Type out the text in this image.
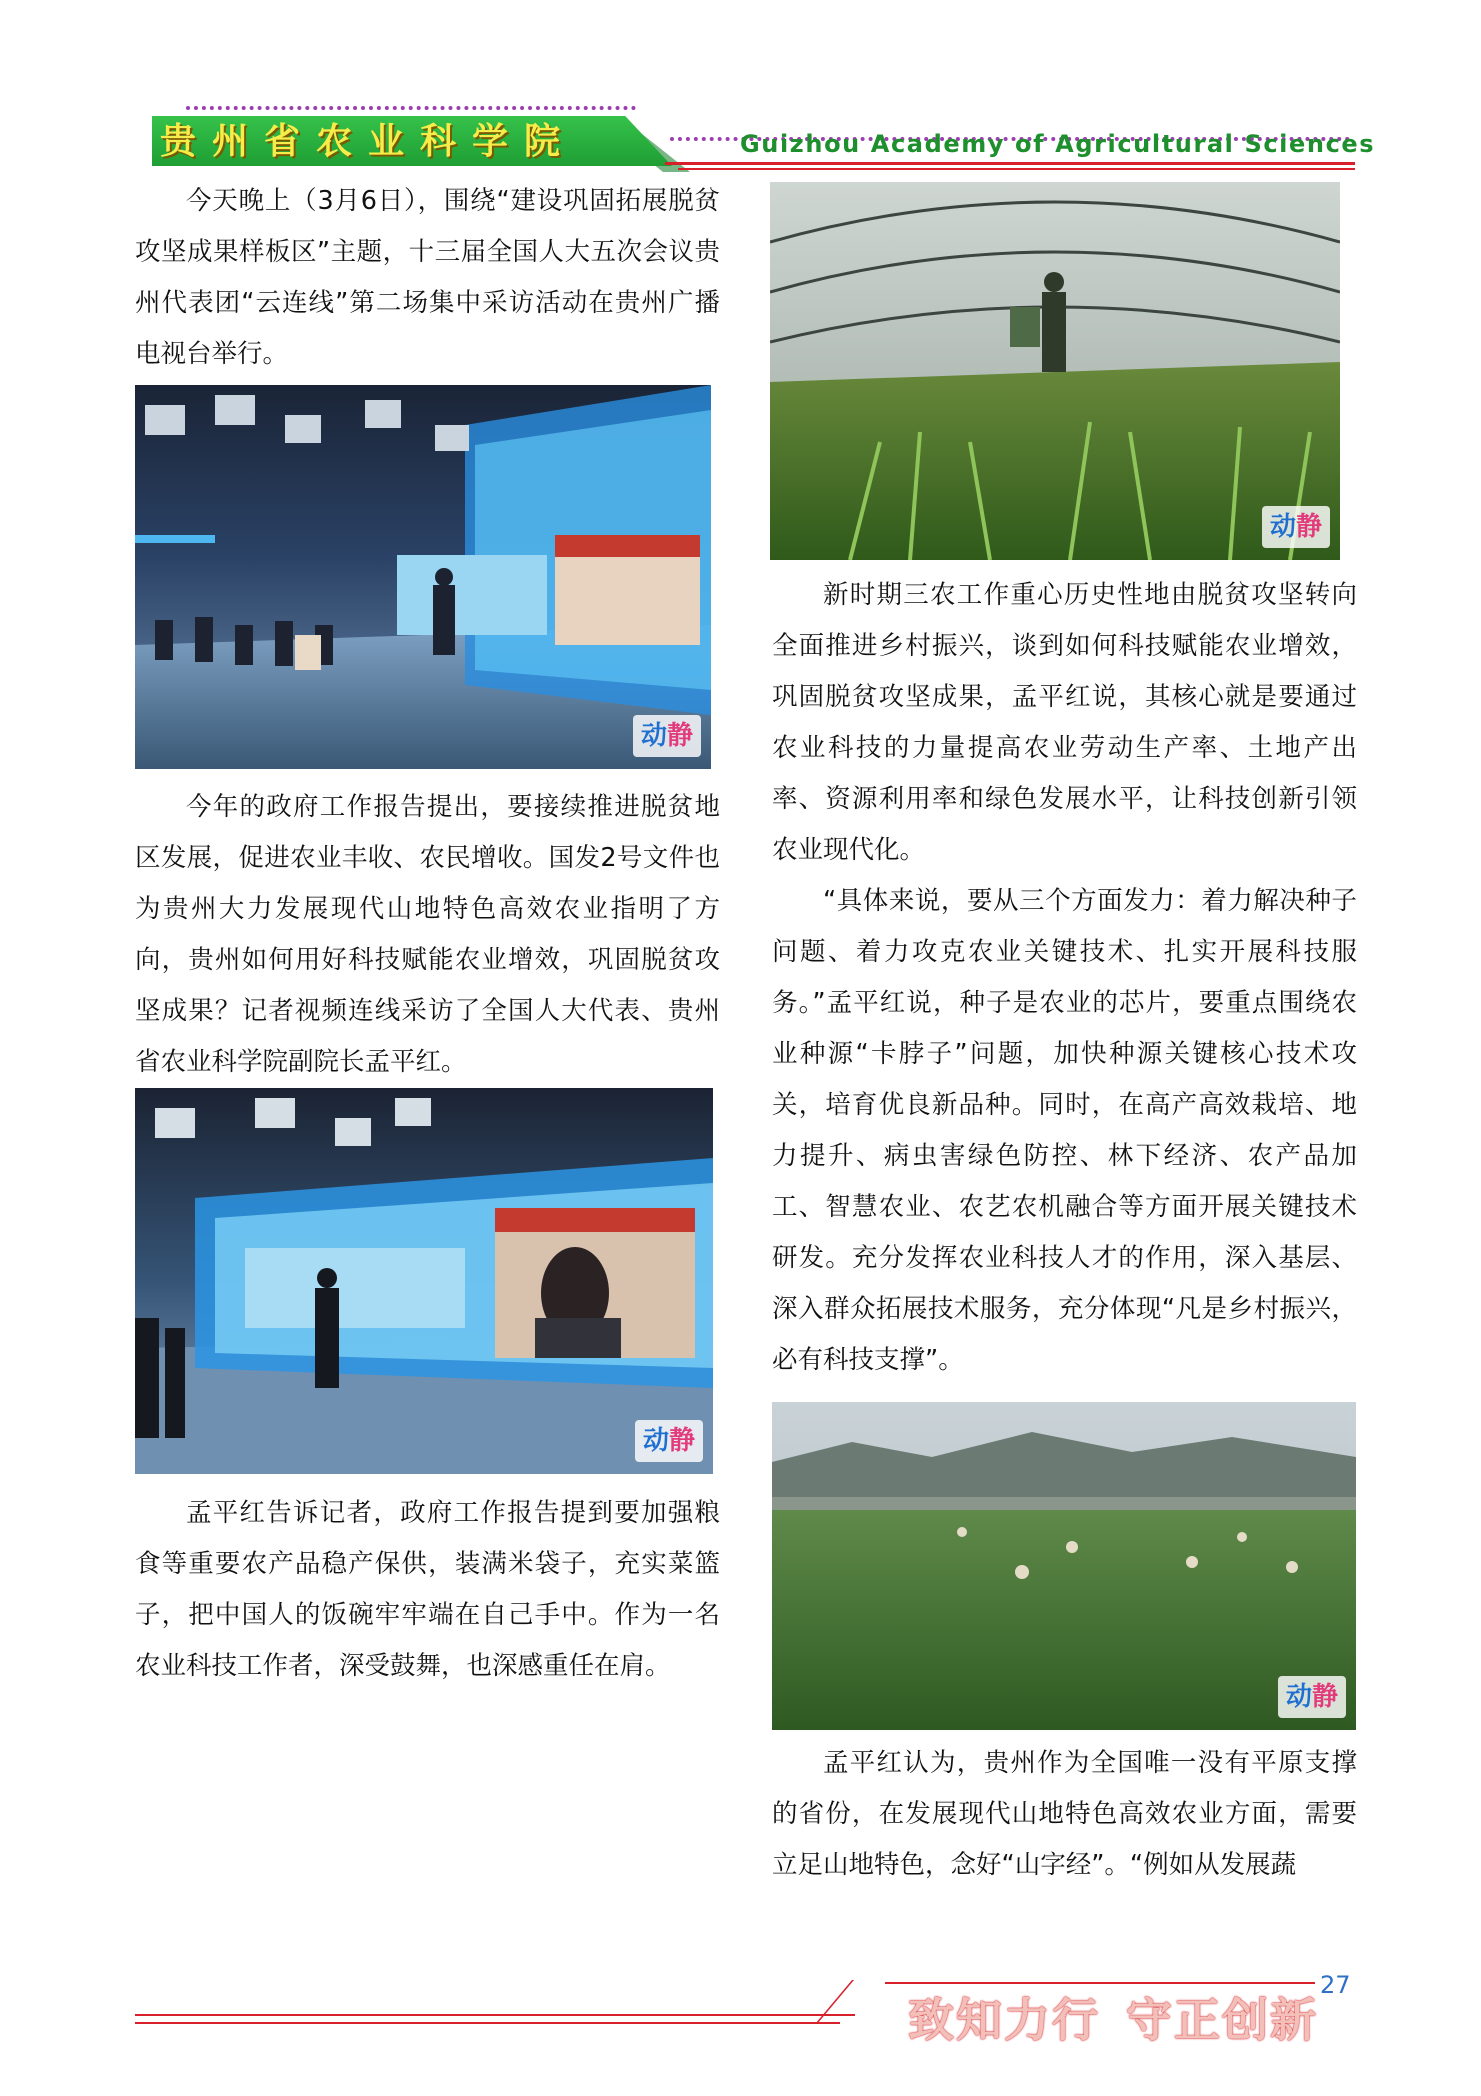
贵州省农业科学院	Guizhou Academy of Agricultural Sciences

今天晚上（3月6日），围绕“建设巩固拓展脱贫攻坚成果样板区”主题，十三届全国人大五次会议贵州代表团“云连线”第二场集中采访活动在贵州广播电视台举行。

动静

今年的政府工作报告提出，要接续推进脱贫地区发展，促进农业丰收、农民增收。国发2号文件也为贵州大力发展现代山地特色高效农业指明了方向，贵州如何用好科技赋能农业增效，巩固脱贫攻坚成果？记者视频连线采访了全国人大代表、贵州省农业科学院副院长孟平红。

动静

孟平红告诉记者，政府工作报告提到要加强粮食等重要农产品稳产保供，装满米袋子，充实菜篮子，把中国人的饭碗牢牢端在自己手中。作为一名农业科技工作者，深受鼓舞，也深感重任在肩。

动静

新时期三农工作重心历史性地由脱贫攻坚转向全面推进乡村振兴，谈到如何科技赋能农业增效，巩固脱贫攻坚成果，孟平红说，其核心就是要通过农业科技的力量提高农业劳动生产率、土地产出率、资源利用率和绿色发展水平，让科技创新引领农业现代化。

“具体来说，要从三个方面发力：着力解决种子问题、着力攻克农业关键技术、扎实开展科技服务。”孟平红说，种子是农业的芯片，要重点围绕农业种源“卡脖子”问题，加快种源关键核心技术攻关，培育优良新品种。同时，在高产高效栽培、地力提升、病虫害绿色防控、林下经济、农产品加工、智慧农业、农艺农机融合等方面开展关键技术研发。充分发挥农业科技人才的作用，深入基层、深入群众拓展技术服务，充分体现“凡是乡村振兴，必有科技支撑”。

动静

孟平红认为，贵州作为全国唯一没有平原支撑的省份，在发展现代山地特色高效农业方面，需要立足山地特色，念好“山字经”。“例如从发展蔬

27
致知力行 守正创新
